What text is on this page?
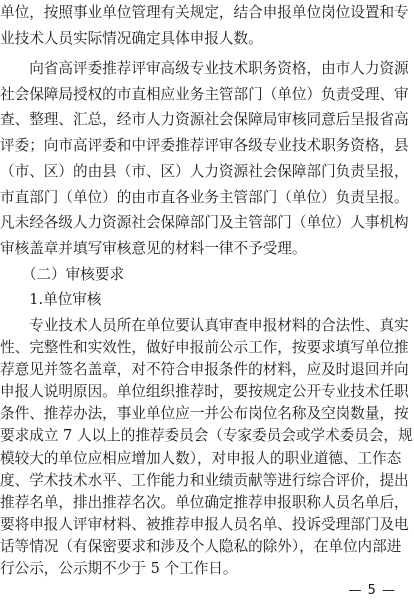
单位，按照事业单位管理有关规定，结合申报单位岗位设置和专
业技术人员实际情况确定具体申报人数。
　　向省高评委推荐评审高级专业技术职务资格，由市人力资源
社会保障局授权的市直相应业务主管部门（单位）负责受理、审
查、整理、汇总，经市人力资源社会保障局审核同意后呈报省高
评委；向市高评委和中评委推荐评审各级专业技术职务资格，县
（市、区）的由县（市、区）人力资源社会保障部门负责呈报，
市直部门（单位）的由市直各业务主管部门（单位）负责呈报。
凡未经各级人力资源社会保障部门及主管部门（单位）人事机构
审核盖章并填写审核意见的材料一律不予受理。
　　（二）审核要求
　　1.单位审核
　　专业技术人员所在单位要认真审查申报材料的合法性、真实
性、完整性和实效性，做好申报前公示工作，按要求填写单位推
荐意见并签名盖章，对不符合申报条件的材料，应及时退回并向
申报人说明原因。单位组织推荐时，要按规定公开专业技术任职
条件、推荐办法，事业单位应一并公布岗位名称及空岗数量，按
要求成立 7 人以上的推荐委员会（专家委员会或学术委员会，规
模较大的单位应相应增加人数），对申报人的职业道德、工作态
度、学术技术水平、工作能力和业绩贡献等进行综合评价，提出
推荐名单，排出推荐名次。单位确定推荐申报职称人员名单后，
要将申报人评审材料、被推荐申报人员名单、投诉受理部门及电
— 5 —
话等情况（有保密要求和涉及个人隐私的除外），在单位内部进
行公示，公示期不少于 5 个工作日。
